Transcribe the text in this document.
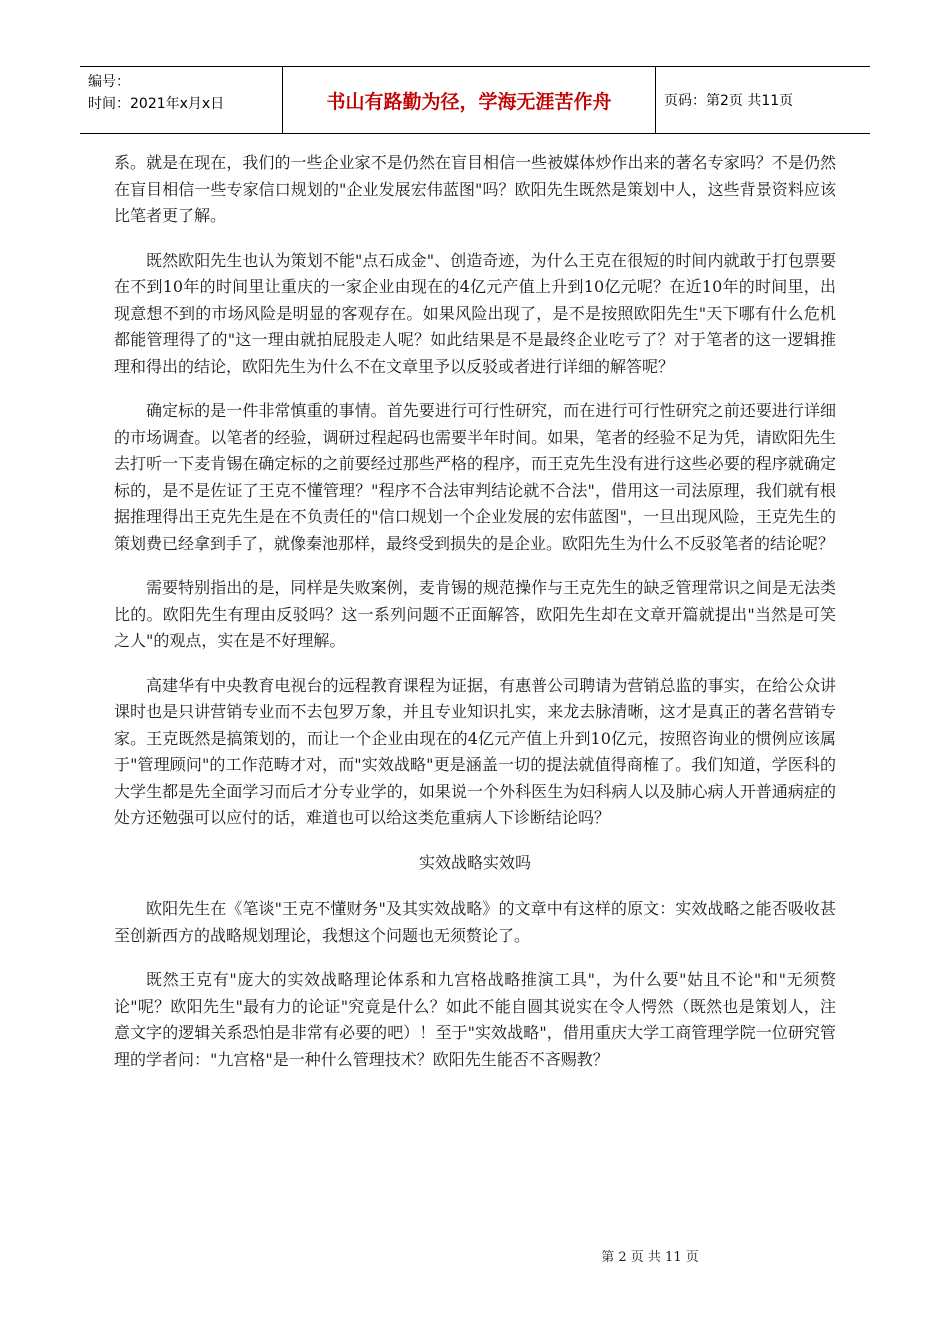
编号：
时间：2021年x月x日	书山有路勤为径，学海无涯苦作舟	页码：第2页 共11页

系。就是在现在，我们的一些企业家不是仍然在盲目相信一些被媒体炒作出来的著名专家吗？不是仍然在盲目相信一些专家信口规划的"企业发展宏伟蓝图"吗？欧阳先生既然是策划中人，这些背景资料应该比笔者更了解。

既然欧阳先生也认为策划不能"点石成金"、创造奇迹，为什么王克在很短的时间内就敢于打包票要在不到10年的时间里让重庆的一家企业由现在的4亿元产值上升到10亿元呢？在近10年的时间里，出现意想不到的市场风险是明显的客观存在。如果风险出现了，是不是按照欧阳先生"天下哪有什么危机都能管理得了的"这一理由就拍屁股走人呢？如此结果是不是最终企业吃亏了？对于笔者的这一逻辑推理和得出的结论，欧阳先生为什么不在文章里予以反驳或者进行详细的解答呢？

确定标的是一件非常慎重的事情。首先要进行可行性研究，而在进行可行性研究之前还要进行详细的市场调查。以笔者的经验，调研过程起码也需要半年时间。如果，笔者的经验不足为凭，请欧阳先生去打听一下麦肯锡在确定标的之前要经过那些严格的程序，而王克先生没有进行这些必要的程序就确定标的，是不是佐证了王克不懂管理？"程序不合法审判结论就不合法"，借用这一司法原理，我们就有根据推理得出王克先生是在不负责任的"信口规划一个企业发展的宏伟蓝图"，一旦出现风险，王克先生的策划费已经拿到手了，就像秦池那样，最终受到损失的是企业。欧阳先生为什么不反驳笔者的结论呢？

需要特别指出的是，同样是失败案例，麦肯锡的规范操作与王克先生的缺乏管理常识之间是无法类比的。欧阳先生有理由反驳吗？这一系列问题不正面解答，欧阳先生却在文章开篇就提出"当然是可笑之人"的观点，实在是不好理解。

高建华有中央教育电视台的远程教育课程为证据，有惠普公司聘请为营销总监的事实，在给公众讲课时也是只讲营销专业而不去包罗万象，并且专业知识扎实，来龙去脉清晰，这才是真正的著名营销专家。王克既然是搞策划的，而让一个企业由现在的4亿元产值上升到10亿元，按照咨询业的惯例应该属于"管理顾问"的工作范畴才对，而"实效战略"更是涵盖一切的提法就值得商榷了。我们知道，学医科的大学生都是先全面学习而后才分专业学的，如果说一个外科医生为妇科病人以及肺心病人开普通病症的处方还勉强可以应付的话，难道也可以给这类危重病人下诊断结论吗？

实效战略实效吗

欧阳先生在《笔谈"王克不懂财务"及其实效战略》的文章中有这样的原文：实效战略之能否吸收甚至创新西方的战略规划理论，我想这个问题也无须赘论了。

既然王克有"庞大的实效战略理论体系和九宫格战略推演工具"，为什么要"姑且不论"和"无须赘论"呢？欧阳先生"最有力的论证"究竟是什么？如此不能自圆其说实在令人愕然（既然也是策划人，注意文字的逻辑关系恐怕是非常有必要的吧）！至于"实效战略"，借用重庆大学工商管理学院一位研究管理的学者问："九宫格"是一种什么管理技术？欧阳先生能否不吝赐教？

第 2 页 共 11 页
